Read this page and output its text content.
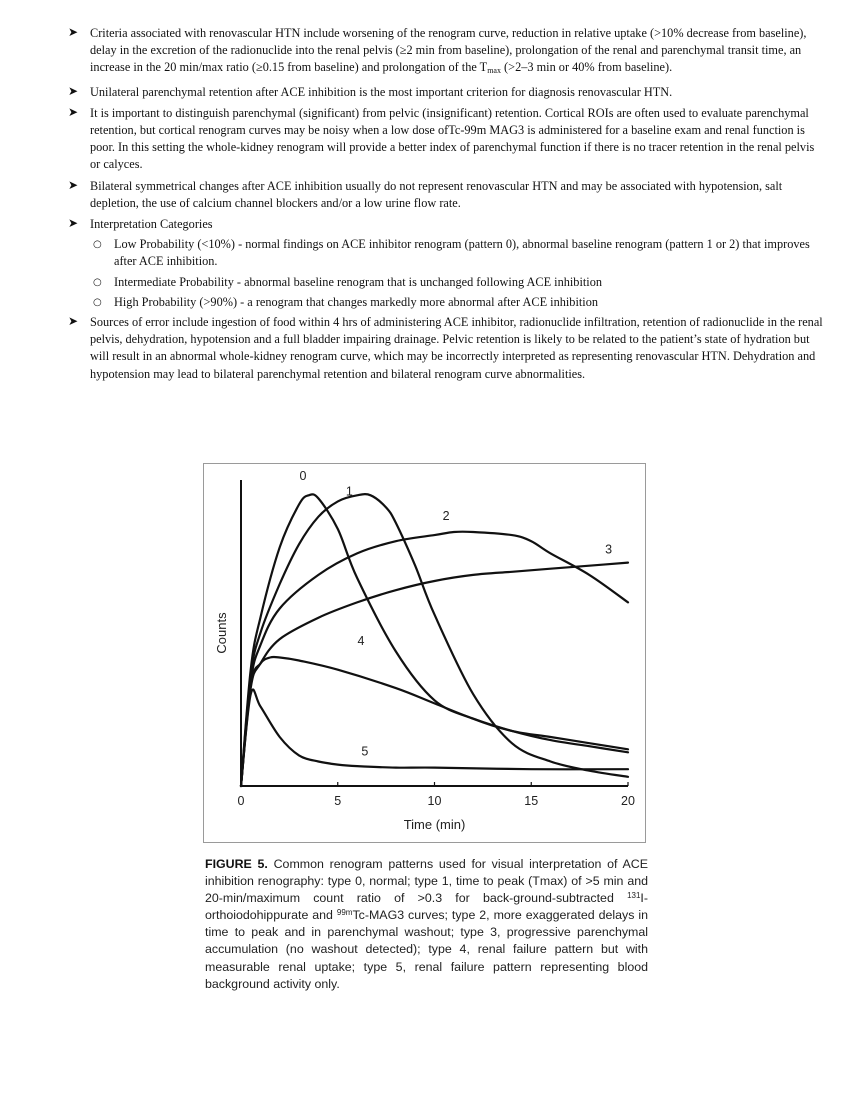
➤ Criteria associated with renovascular HTN include worsening of the renogram curve, reduction in relative uptake (>10% decrease from baseline), delay in the excretion of the radionuclide into the renal pelvis (≥2 min from baseline), prolongation of the renal and parenchymal transit time, an increase in the 20 min/max ratio (≥0.15 from baseline) and prolongation of the $T_{max}$ (>2–3 min or 40% from baseline).
➤ Unilateral parenchymal retention after ACE inhibition is the most important criterion for diagnosis renovascular HTN.
➤ It is important to distinguish parenchymal (significant) from pelvic (insignificant) retention. Cortical ROIs are often used to evaluate parenchymal retention, but cortical renogram curves may be noisy when a low dose ofTc-99m MAG3 is administered for a baseline exam and renal function is poor. In this setting the whole-kidney renogram will provide a better index of parenchymal function if there is no tracer retention in the renal pelvis or calyces.
➤ Bilateral symmetrical changes after ACE inhibition usually do not represent renovascular HTN and may be associated with hypotension, salt depletion, the use of calcium channel blockers and/or a low urine flow rate.
➤ Interpretation Categories
○ Low Probability (<10%) - normal findings on ACE inhibitor renogram (pattern 0), abnormal baseline renogram (pattern 1 or 2) that improves after ACE inhibition.
○ Intermediate Probability - abnormal baseline renogram that is unchanged following ACE inhibition
○ High Probability (>90%) - a renogram that changes markedly more abnormal after ACE inhibition
➤ Sources of error include ingestion of food within 4 hrs of administering ACE inhibitor, radionuclide infiltration, retention of radionuclide in the renal pelvis, dehydration, hypotension and a full bladder impairing drainage. Pelvic retention is likely to be related to the patient’s state of hydration but will result in an abnormal whole-kidney renogram curve, which may be incorrectly interpreted as representing renovascular HTN. Dehydration and hypotension may lead to bilateral parenchymal retention and bilateral renogram curve abnormalities.
0	5	10	15	20
Time (min)
Counts
0
1
2
3
4
5
FIGURE 5. Common renogram patterns used for visual interpretation of ACE inhibition renography: type 0, normal; type 1, time to peak (Tmax) of >5 min and 20-min/maximum count ratio of >0.3 for back-ground-subtracted $^{131}$I-orthoiodohippurate and $^{99m}$Tc-MAG3 curves; type 2, more exaggerated delays in time to peak and in parenchymal washout; type 3, progressive parenchymal accumulation (no washout detected); type 4, renal failure pattern but with measurable renal uptake; type 5, renal failure pattern representing blood background activity only.
